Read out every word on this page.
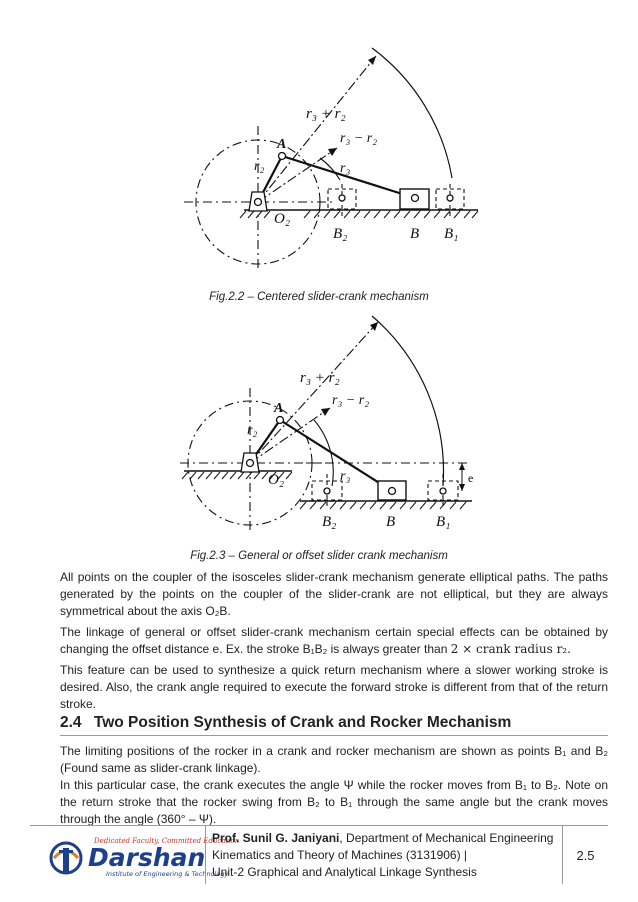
r₃ + r₂
r₃ − r₂
r₃
r₂
A
O₂
B₂	B B₁
Fig.2.2 – Centered slider-crank mechanism
r₃ + r₂
r₃ − r₂
r₃
r₂
A
O₂
B₂	B	B₁
e
Fig.2.3 – General or offset slider crank mechanism
All points on the coupler of the isosceles slider-crank mechanism generate elliptical paths. The paths generated by the points on the coupler of the slider-crank are not elliptical, but they are always symmetrical about the axis O₂B.
The linkage of general or offset slider-crank mechanism certain special effects can be obtained by changing the offset distance e. Ex. the stroke B₁B₂ is always greater than 2 × crank radius r₂.
This feature can be used to synthesize a quick return mechanism where a slower working stroke is desired. Also, the crank angle required to execute the forward stroke is different from that of the return stroke.
2.4 Two Position Synthesis of Crank and Rocker Mechanism
The limiting positions of the rocker in a crank and rocker mechanism are shown as points B₁ and B₂ (Found same as slider-crank linkage).
In this particular case, the crank executes the angle Ψ while the rocker moves from B₁ to B₂. Note on the return stroke that the rocker swing from B₂ to B₁ through the same angle but the crank moves through the angle (360° – Ψ).
Dedicated Faculty, Committed Education
Darshan
Institute of Engineering & Technology
Prof. Sunil G. Janiyani, Department of Mechanical Engineering
Kinematics and Theory of Machines (3131906) |
Unit-2 Graphical and Analytical Linkage Synthesis
2.5
